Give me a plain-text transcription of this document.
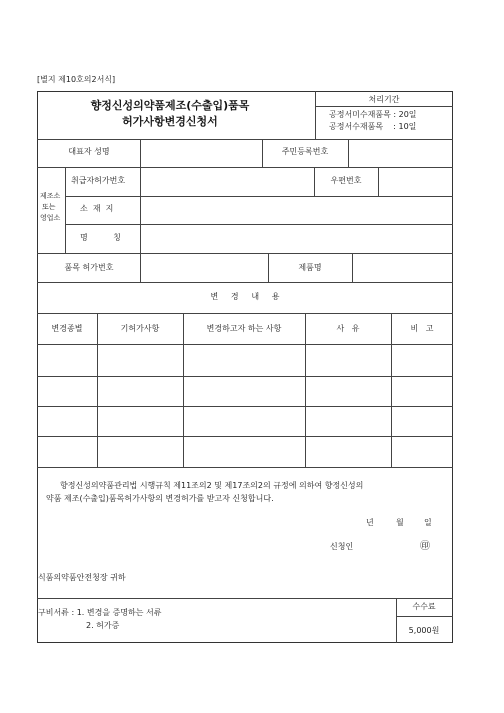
[별지 제10호의2서식]
향정신성의약품제조(수출입)품목
허가사항변경신청서
처리기간
공정서미수재품목 : 20일
공정서수재품목    : 10일
대표자 성명	주민등록번호
제조소
또는
영업소
취급자허가번호	우편번호
소  재  지
명          칭
품목 허가번호	제품명
변     경     내     용
변경종별	기허가사항	변경하고자 하는 사항	사   유	비   고
향정신성의약품관리법 시행규칙 제11조의2 및 제17조의2의 규정에 의하여 향정신성의
약품 제조(수출입)품목허가사항의 변경허가를 받고자 신청합니다.
년	월	일
신청인	㊞
식품의약품안전청장 귀하
구비서류 : 1. 변경을 증명하는 서류
2. 허가증
수수료
5,000원
